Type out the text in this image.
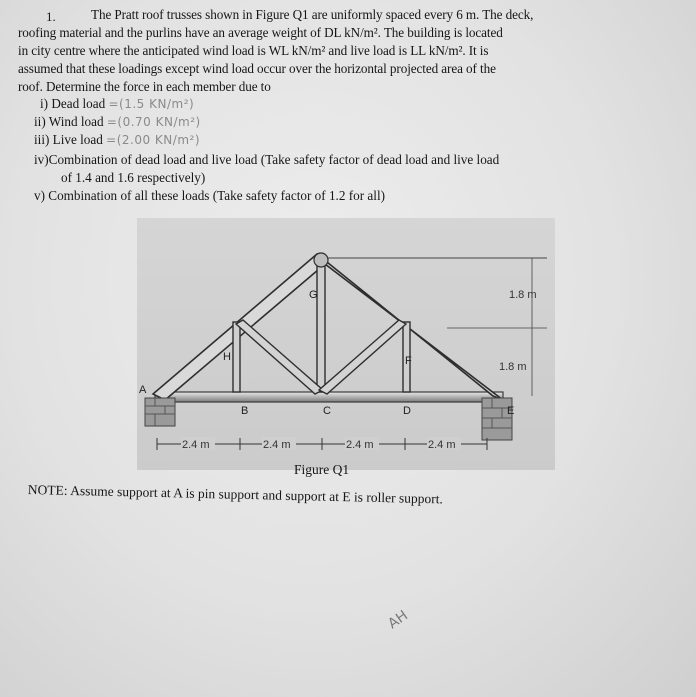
1.	The Pratt roof trusses shown in Figure Q1 are uniformly spaced every 6 m. The deck,
roofing material and the purlins have an average weight of DL kN/m². The building is located
in city centre where the anticipated wind load is WL kN/m² and live load is LL kN/m². It is
assumed that these loadings except wind load occur over the horizontal projected area of the
roof. Determine the force in each member due to
i) Dead load =(1.5 KN/m²)
ii) Wind load =(0.70 KN/m²)
iii) Live load =(2.00 KN/m²)
iv)Combination of dead load and live load (Take safety factor of dead load and live load
of 1.4 and 1.6 respectively)
v) Combination of all these loads (Take safety factor of 1.2 for all)
A
B	C	D	E
F
G
H
1.8 m
1.8 m
2.4 m	2.4 m	2.4 m	2.4 m
Figure Q1
NOTE: Assume support at A is pin support and support at E is roller support.
AH
